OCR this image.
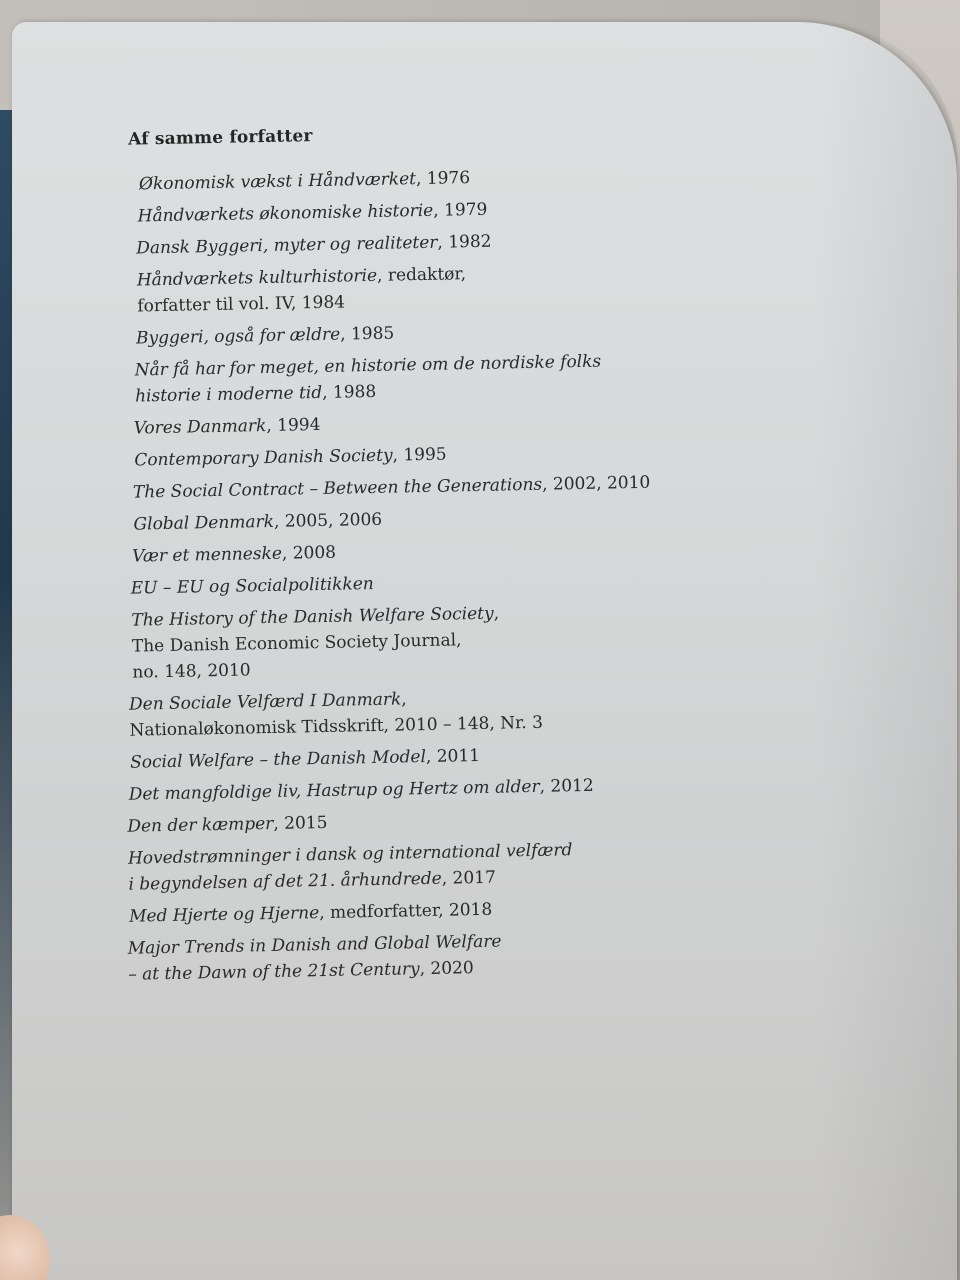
Af samme forfatter
Økonomisk vækst i Håndværket, 1976
Håndværkets økonomiske historie, 1979
Dansk Byggeri, myter og realiteter, 1982
Håndværkets kulturhistorie, redaktør,
forfatter til vol. IV, 1984
Byggeri, også for ældre, 1985
Når få har for meget, en historie om de nordiske folks
historie i moderne tid, 1988
Vores Danmark, 1994
Contemporary Danish Society, 1995
The Social Contract – Between the Generations, 2002, 2010
Global Denmark, 2005, 2006
Vær et menneske, 2008
EU – EU og Socialpolitikken
The History of the Danish Welfare Society,
The Danish Economic Society Journal,
no. 148, 2010
Den Sociale Velfærd I Danmark,
Nationaløkonomisk Tidsskrift, 2010 – 148, Nr. 3
Social Welfare – the Danish Model, 2011
Det mangfoldige liv, Hastrup og Hertz om alder, 2012
Den der kæmper, 2015
Hovedstrømninger i dansk og international velfærd
i begyndelsen af det 21. århundrede, 2017
Med Hjerte og Hjerne, medforfatter, 2018
Major Trends in Danish and Global Welfare
– at the Dawn of the 21st Century, 2020
